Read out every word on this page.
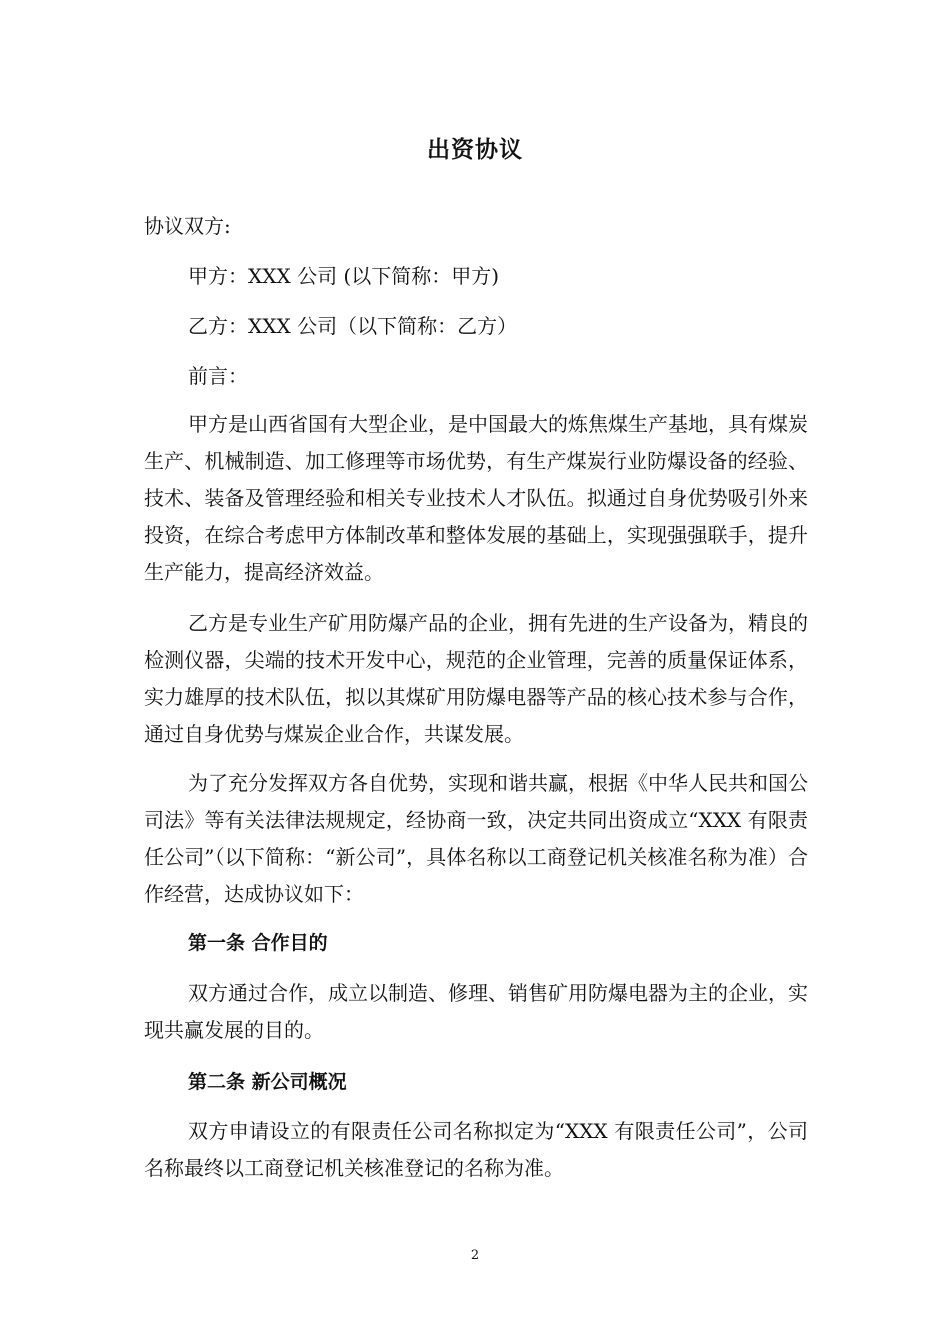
出资协议

协议双方:

甲方：XXX 公司 (以下简称：甲方)

乙方：XXX 公司（以下简称：乙方）

前言：

甲方是山西省国有大型企业，是中国最大的炼焦煤生产基地，具有煤炭生产、机械制造、加工修理等市场优势，有生产煤炭行业防爆设备的经验、技术、装备及管理经验和相关专业技术人才队伍。拟通过自身优势吸引外来投资，在综合考虑甲方体制改革和整体发展的基础上，实现强强联手，提升生产能力，提高经济效益。

乙方是专业生产矿用防爆产品的企业，拥有先进的生产设备为，精良的检测仪器，尖端的技术开发中心，规范的企业管理，完善的质量保证体系，实力雄厚的技术队伍，拟以其煤矿用防爆电器等产品的核心技术参与合作，通过自身优势与煤炭企业合作，共谋发展。

为了充分发挥双方各自优势，实现和谐共赢，根据《中华人民共和国公司法》等有关法律法规规定，经协商一致，决定共同出资成立“XXX 有限责任公司”（以下简称：“新公司”，具体名称以工商登记机关核准名称为准）合作经营，达成协议如下：

第一条 合作目的

双方通过合作，成立以制造、修理、销售矿用防爆电器为主的企业，实现共赢发展的目的。

第二条 新公司概况

双方申请设立的有限责任公司名称拟定为“XXX 有限责任公司”，公司名称最终以工商登记机关核准登记的名称为准。

2
